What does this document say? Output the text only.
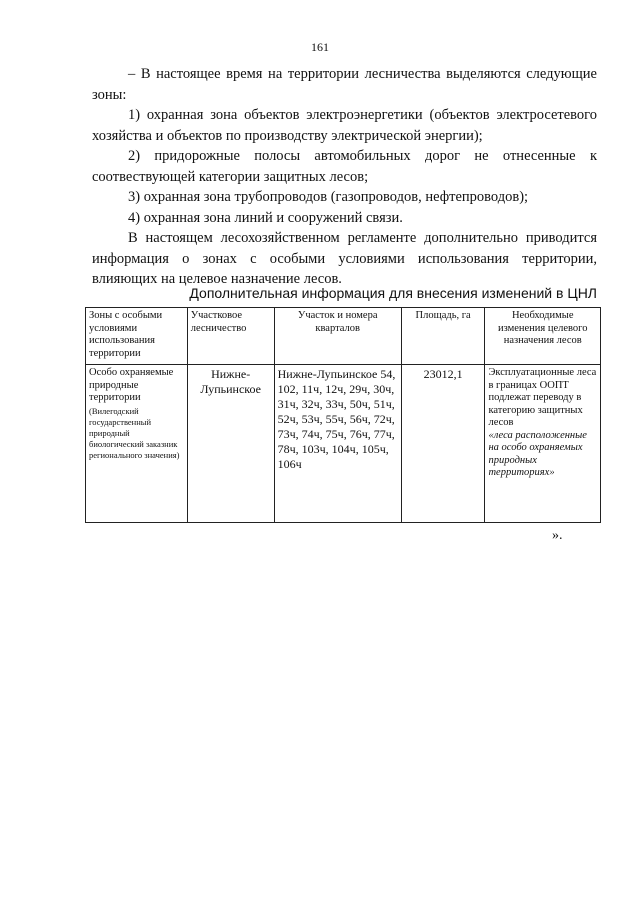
161

– В настоящее время на территории лесничества выделяются следующие зоны:

1) охранная зона объектов электроэнергетики (объектов электросетевого хозяйства и объектов по производству электрической энергии);

2) придорожные полосы автомобильных дорог не отнесенные к соотвествующей категории защитных лесов;

3) охранная зона трубопроводов (газопроводов, нефтепроводов);

4) охранная зона линий и сооружений связи.

В настоящем лесохозяйственном регламенте дополнительно приводится информация о зонах с особыми условиями использования территории, влияющих на целевое назначение лесов.

Дополнительная информация для внесения изменений в ЦНЛ
Зоны с особыми условиями использования территории	Участковое лесничество	Участок и номера кварталов	Площадь, га	Необходимые изменения целевого назначения лесов

Особо охраняемые природные территории
(Вилегодский государственный природный биологический заказник регионального значения)	Нижне-Лупьинское	Нижне-Лупьинское 54, 102, 11ч, 12ч, 29ч, 30ч, 31ч, 32ч, 33ч, 50ч, 51ч, 52ч, 53ч, 55ч, 56ч, 72ч, 73ч, 74ч, 75ч, 76ч, 77ч, 78ч, 103ч, 104ч, 105ч, 106ч	23012,1	Эксплуатационные леса в границах ООПТ подлежат переводу в категорию защитных лесов
«леса расположенные на особо охраняемых природных территориях»
».
